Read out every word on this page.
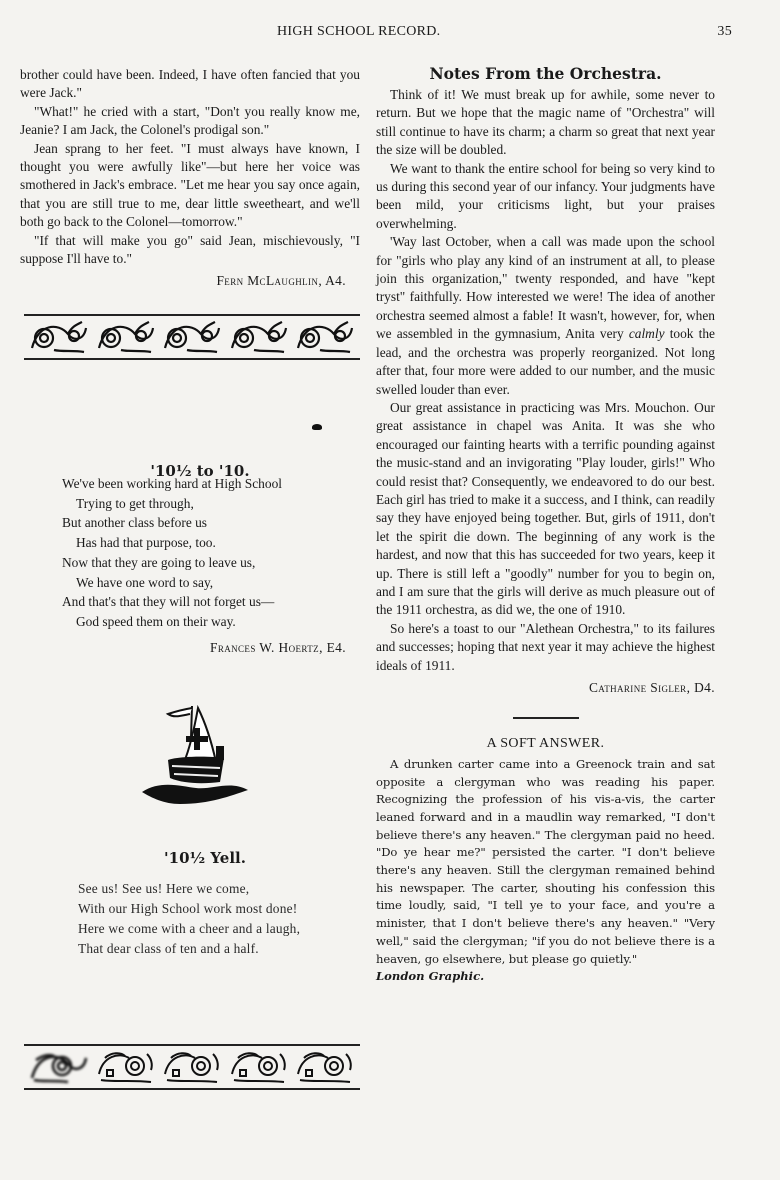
HIGH SCHOOL RECORD.	35

brother could have been. Indeed, I have often fancied that you were Jack."

"What!" he cried with a start, "Don't you really know me, Jeanie? I am Jack, the Colonel's prodigal son."

Jean sprang to her feet. "I must always have known, I thought you were awfully like"—but here her voice was smothered in Jack's embrace. "Let me hear you say once again, that you are still true to me, dear little sweetheart, and we'll both go back to the Colonel—tomorrow."

"If that will make you go" said Jean, mischievously, "I suppose I'll have to."

Fern McLaughlin, A4.
'10½ to '10.
We've been working hard at High School
Trying to get through,
But another class before us
Has had that purpose, too.
Now that they are going to leave us,
We have one word to say,
And that's that they will not forget us—
God speed them on their way.
Frances W. Hoertz, E4.
'10½ Yell.
See us! See us! Here we come,
With our High School work most done!
Here we come with a cheer and a laugh,
That dear class of ten and a half.
Notes From the Orchestra.

Think of it! We must break up for awhile, some never to return. But we hope that the magic name of "Orchestra" will still continue to have its charm; a charm so great that next year the size will be doubled.

We want to thank the entire school for being so very kind to us during this second year of our infancy. Your judgments have been mild, your criticisms light, but your praises overwhelming.

'Way last October, when a call was made upon the school for "girls who play any kind of an instrument at all, to please join this organization," twenty responded, and have "kept tryst" faithfully. How interested we were! The idea of another orchestra seemed almost a fable! It wasn't, however, for, when we assembled in the gymnasium, Anita very calmly took the lead, and the orchestra was properly reorganized. Not long after that, four more were added to our number, and the music swelled louder than ever.

Our great assistance in practicing was Mrs. Mouchon. Our great assistance in chapel was Anita. It was she who encouraged our fainting hearts with a terrific pounding against the music-stand and an invigorating "Play louder, girls!" Who could resist that? Consequently, we endeavored to do our best. Each girl has tried to make it a success, and I think, can readily say they have enjoyed being together. But, girls of 1911, don't let the spirit die down. The beginning of any work is the hardest, and now that this has succeeded for two years, keep it up. There is still left a "goodly" number for you to begin on, and I am sure that the girls will derive as much pleasure out of the 1911 orchestra, as did we, the one of 1910.

So here's a toast to our "Alethean Orchestra," to its failures and successes; hoping that next year it may achieve the highest ideals of 1911.

Catharine Sigler, D4.
A SOFT ANSWER.

A drunken carter came into a Greenock train and sat opposite a clergyman who was reading his paper. Recognizing the profession of his vis-a-vis, the carter leaned forward and in a maudlin way remarked, "I don't believe there's any heaven." The clergyman paid no heed. "Do ye hear me?" persisted the carter. "I don't believe there's any heaven. Still the clergyman remained behind his newspaper. The carter, shouting his confession this time loudly, said, "I tell ye to your face, and you're a minister, that I don't believe there's any heaven." "Very well," said the clergyman; "if you do not believe there is a heaven, go elsewhere, but please go quietly."

London Graphic.
